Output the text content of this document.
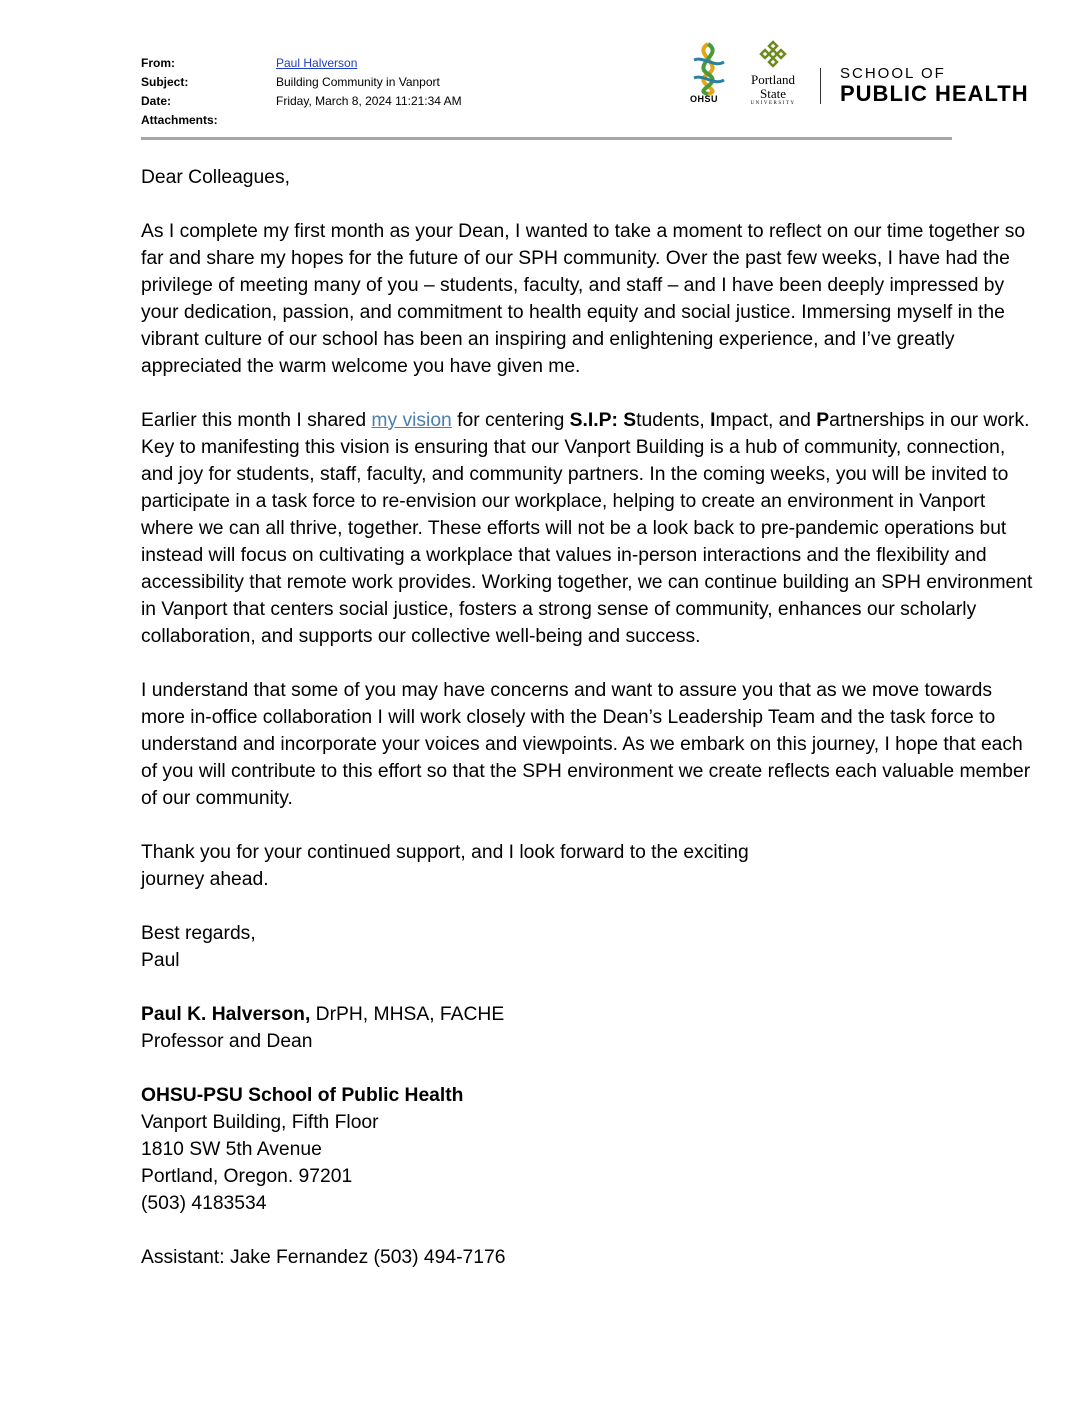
From:	Paul Halverson
Subject:	Building Community in Vanport
Date:	Friday, March 8, 2024 11:21:34 AM
Attachments:
OHSU
Portland
State
UNIVERSITY
SCHOOL OF
PUBLIC HEALTH

Dear Colleagues,

As I complete my first month as your Dean, I wanted to take a moment to reflect on our time together so far and share my hopes for the future of our SPH community. Over the past few weeks, I have had the privilege of meeting many of you – students, faculty, and staff – and I have been deeply impressed by your dedication, passion, and commitment to health equity and social justice. Immersing myself in the vibrant culture of our school has been an inspiring and enlightening experience, and I’ve greatly appreciated the warm welcome you have given me.

Earlier this month I shared my vision for centering S.I.P: Students, Impact, and Partnerships in our work. Key to manifesting this vision is ensuring that our Vanport Building is a hub of community, connection, and joy for students, staff, faculty, and community partners. In the coming weeks, you will be invited to participate in a task force to re-envision our workplace, helping to create an environment in Vanport where we can all thrive, together. These efforts will not be a look back to pre-pandemic operations but instead will focus on cultivating a workplace that values in-person interactions and the flexibility and accessibility that remote work provides. Working together, we can continue building an SPH environment in Vanport that centers social justice, fosters a strong sense of community, enhances our scholarly collaboration, and supports our collective well-being and success.

I understand that some of you may have concerns and want to assure you that as we move towards more in-office collaboration I will work closely with the Dean’s Leadership Team and the task force to understand and incorporate your voices and viewpoints. As we embark on this journey, I hope that each of you will contribute to this effort so that the SPH environment we create reflects each valuable member of our community.

Thank you for your continued support, and I look forward to the exciting
journey ahead.

Best regards,
Paul

Paul K. Halverson, DrPH, MHSA, FACHE
Professor and Dean

OHSU-PSU School of Public Health
Vanport Building, Fifth Floor
1810 SW 5th Avenue
Portland, Oregon. 97201
(503) 4183534

Assistant: Jake Fernandez (503) 494-7176
